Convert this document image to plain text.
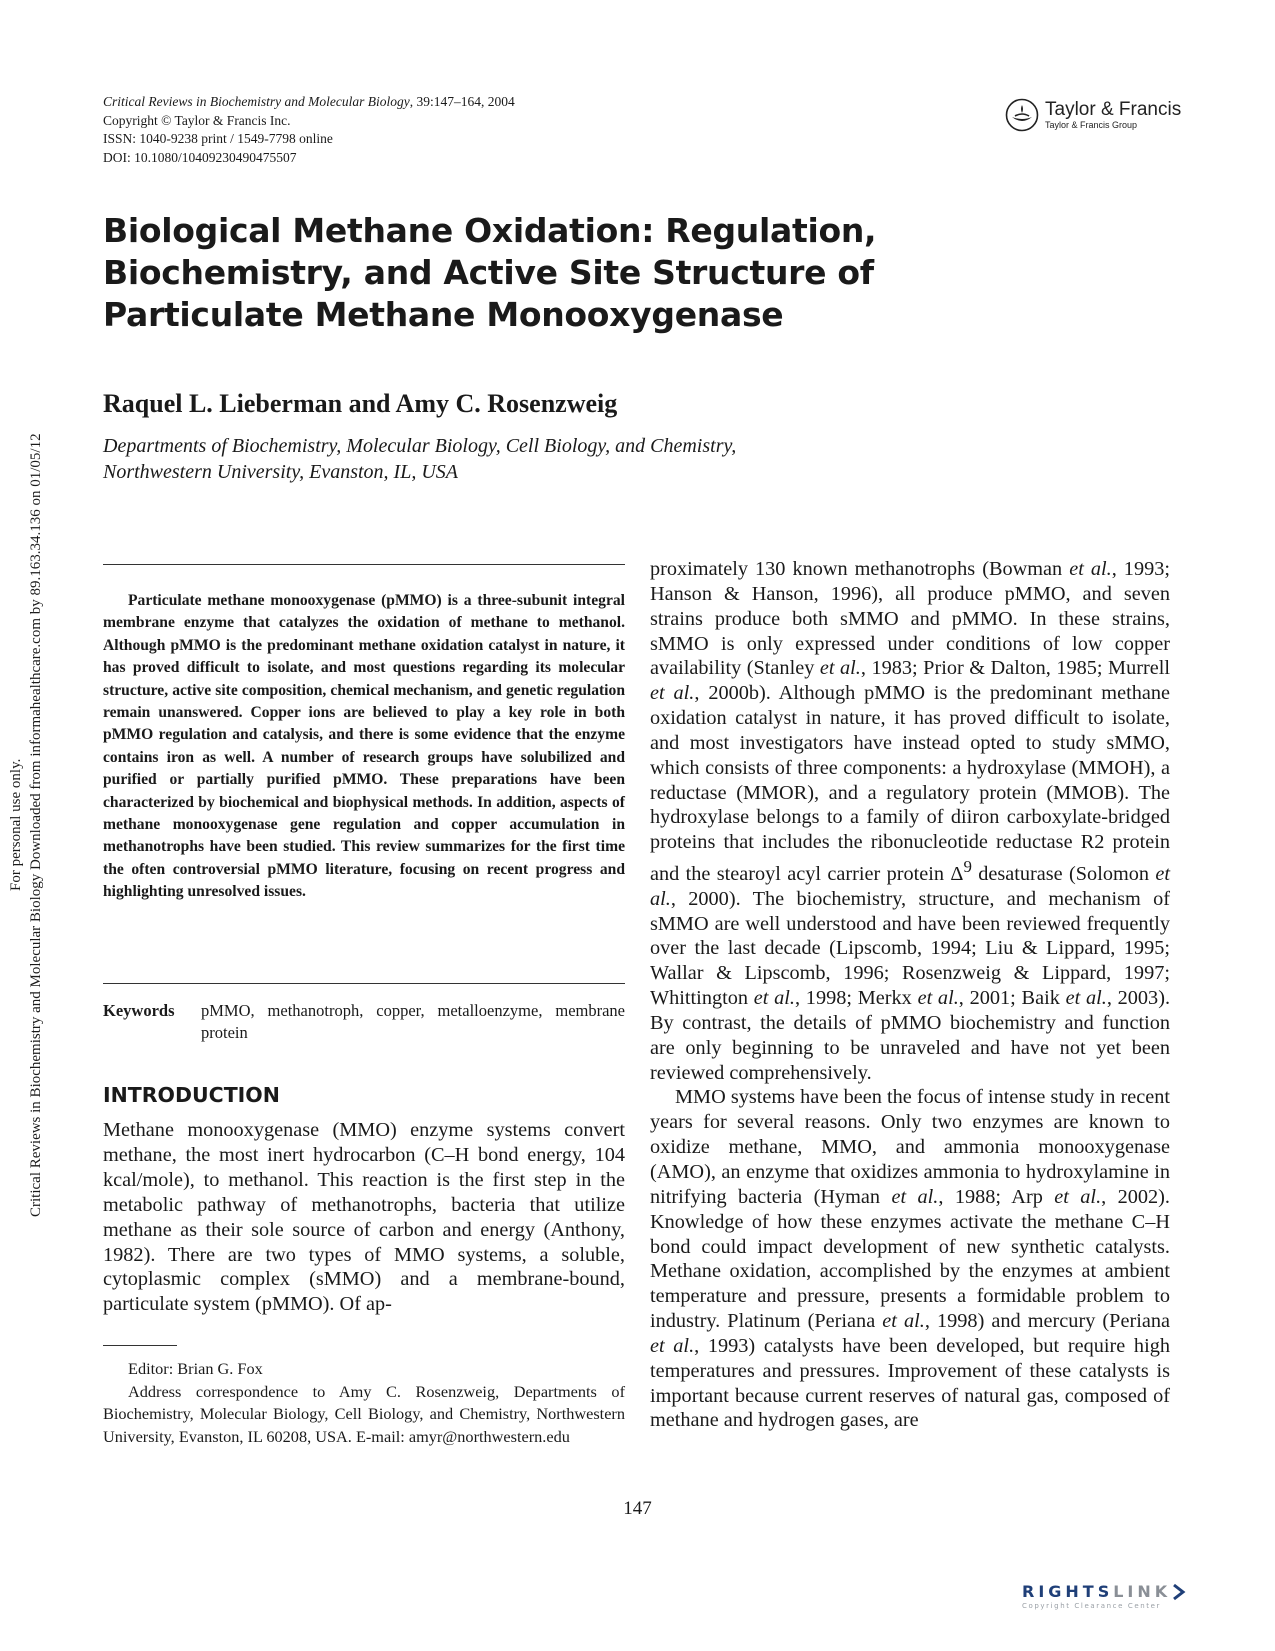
Critical Reviews in Biochemistry and Molecular Biology Downloaded from informahealthcare.com by 89.163.34.136 on 01/05/12
For personal use only.
Critical Reviews in Biochemistry and Molecular Biology, 39:147–164, 2004
Copyright © Taylor & Francis Inc.
ISSN: 1040-9238 print / 1549-7798 online
DOI: 10.1080/10409230490475507
Taylor & Francis
Taylor & Francis Group
Biological Methane Oxidation: Regulation, Biochemistry, and Active Site Structure of Particulate Methane Monooxygenase
Raquel L. Lieberman and Amy C. Rosenzweig
Departments of Biochemistry, Molecular Biology, Cell Biology, and Chemistry,
Northwestern University, Evanston, IL, USA

Particulate methane monooxygenase (pMMO) is a three-subunit integral membrane enzyme that catalyzes the oxidation of methane to methanol. Although pMMO is the predominant methane oxidation catalyst in nature, it has proved difficult to isolate, and most questions regarding its molecular structure, active site composition, chemical mechanism, and genetic regulation remain unanswered. Copper ions are believed to play a key role in both pMMO regulation and catalysis, and there is some evidence that the enzyme contains iron as well. A number of research groups have solubilized and purified or partially purified pMMO. These preparations have been characterized by biochemical and biophysical methods. In addition, aspects of methane monooxygenase gene regulation and copper accumulation in methanotrophs have been studied. This review summarizes for the first time the often controversial pMMO literature, focusing on recent progress and highlighting unresolved issues.

Keywords	pMMO, methanotroph, copper, metalloenzyme, membrane protein
INTRODUCTION

Methane monooxygenase (MMO) enzyme systems convert methane, the most inert hydrocarbon (C–H bond energy, 104 kcal/mole), to methanol. This reaction is the first step in the metabolic pathway of methanotrophs, bacteria that utilize methane as their sole source of carbon and energy (Anthony, 1982). There are two types of MMO systems, a soluble, cytoplasmic complex (sMMO) and a membrane-bound, particulate system (pMMO). Of ap-

Editor: Brian G. Fox

Address correspondence to Amy C. Rosenzweig, Departments of Biochemistry, Molecular Biology, Cell Biology, and Chemistry, Northwestern University, Evanston, IL 60208, USA. E-mail: amyr@northwestern.edu

proximately 130 known methanotrophs (Bowman et al., 1993; Hanson & Hanson, 1996), all produce pMMO, and seven strains produce both sMMO and pMMO. In these strains, sMMO is only expressed under conditions of low copper availability (Stanley et al., 1983; Prior & Dalton, 1985; Murrell et al., 2000b). Although pMMO is the predominant methane oxidation catalyst in nature, it has proved difficult to isolate, and most investigators have instead opted to study sMMO, which consists of three components: a hydroxylase (MMOH), a reductase (MMOR), and a regulatory protein (MMOB). The hydroxylase belongs to a family of diiron carboxylate-bridged proteins that includes the ribonucleotide reductase R2 protein and the stearoyl acyl carrier protein $\Delta^9$ desaturase (Solomon et al., 2000). The biochemistry, structure, and mechanism of sMMO are well understood and have been reviewed frequently over the last decade (Lipscomb, 1994; Liu & Lippard, 1995; Wallar & Lipscomb, 1996; Rosenzweig & Lippard, 1997; Whittington et al., 1998; Merkx et al., 2001; Baik et al., 2003). By contrast, the details of pMMO biochemistry and function are only beginning to be unraveled and have not yet been reviewed comprehensively.

MMO systems have been the focus of intense study in recent years for several reasons. Only two enzymes are known to oxidize methane, MMO, and ammonia monooxygenase (AMO), an enzyme that oxidizes ammonia to hydroxylamine in nitrifying bacteria (Hyman et al., 1988; Arp et al., 2002). Knowledge of how these enzymes activate the methane C–H bond could impact development of new synthetic catalysts. Methane oxidation, accomplished by the enzymes at ambient temperature and pressure, presents a formidable problem to industry. Platinum (Periana et al., 1998) and mercury (Periana et al., 1993) catalysts have been developed, but require high temperatures and pressures. Improvement of these catalysts is important because current reserves of natural gas, composed of methane and hydrogen gases, are

147
RIGHTS LINK
Copyright Clearance Center
